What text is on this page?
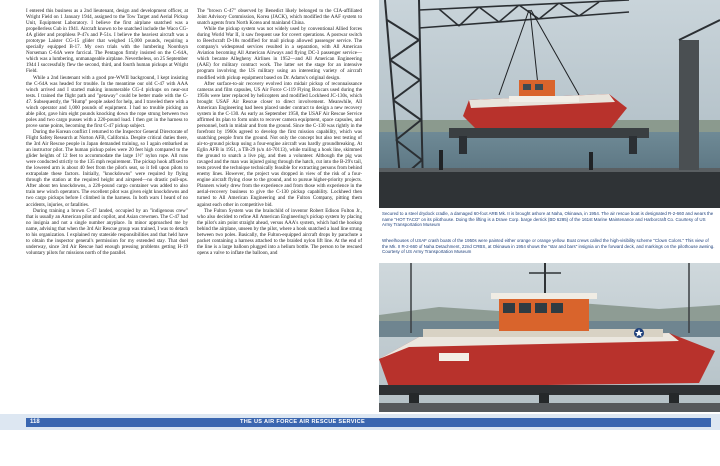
I entered this business as a 2nd lieutenant, design and development officer, at Wright Field on 1 January 1944, assigned to the Tow Target and Aerial Pickup Unit, Equipment Laboratory. I believe the first airplane snatched was a propellerless Cub in 1941. Aircraft known to be snatched include the Waco CG-4A glider and prophless P-47s and P-51s. I believe the heaviest aircraft was a prototype Laister CG-15 glider that weighed 15,000 pounds, requiring a specially equipped B-17. My own trials with the lumbering Noorduyn Norseman C-64A were farcical. The Pentagon firmly insisted on the C-64A, which was a lumbering, unmanageable airplane. Nevertheless, on 25 September 1944 I successfully flew the second, third, and fourth human pickups at Wright Field.

While a 2nd lieutenant with a good pre-WWII background, I kept insisting the C-64A was headed for trouble. In the meantime our old C-47 with AAA winch arrived and I started making innumerable CG-4 pickups on near-out tests. I trained the flight path and "getaway" could be better made with the C-47. Subsequently, the "Hump" people asked for help, and I traveled there with a winch operator and 1,000 pounds of equipment. I had no trouble picking an able pilot, gave him eight pounds knocking down the rope strung between two poles and two cargo pusses with a 220-pound load. I then got in the harness to prove some points, becoming the first C-47 pickup subject.

During the Korean conflict I returned to the Inspector General Directorate of Flight Safety Research at Norton AFB, California. Despite critical duties there, the 3rd Air Rescue people in Japan demanded training, so I again embarked as an instructor pilot. The human pickup poles were 20 feet high compared to the glider heights of 12 feet to accommodate the large 1½" nylon rope. All runs were conducted strictly to the 135 mph requirement. The pickup hook affixed to the lowered arm is about 40 feet from the pilot's seat, so it fell upon pilots to extrapolate these factors. Initially, "knockdowns" were required by flying through the station at the required height and airspeed—no drastic pull-ups. After about ten knockdowns, a 220-pound cargo container was added to also train new winch operators. The excellent pilot was given eight knockdowns and two cargo pickups before I climbed in the harness. In both wars I heard of no accidents, injuries, or fatalities.

During training a brown C-47 landed, occupied by an "indigenous crew" that is usually an American pilot and copilot, and Asian crewmen. The C-47 had no insignia and not a single number anyplace. In minor approached me by name, advising that when the 3rd Air Rescue group was trained, I was to detach to his organization. I explained my stateside responsibilities and that held have to obtain the inspector general's permission for my extended stay. That duel underway, since 3rd Air Rescue had enough pressing problems getting H-19 voluntary pilots for missions north of the parallel.

The "brown C-47" observed by Benedict likely belonged to the CIA-affiliated Joint Advisory Commission, Korea (JACK), which modified the AAF system to snatch agents from North Korea and mainland China.

While the pickup system was not widely used by conventional Allied forces during World War II, it saw frequent use for covert operations. A postwar switch to Beechcraft D-18s modified for mail pickup allowed passenger service. The company's widespread services resulted in a separation, with All American Aviation becoming All American Airways and flying DC-3 passenger service—which became Allegheny Airlines in 1952—and All American Engineering (AAE) for military contract work. The latter set the stage for an intensive program involving the US military using an interesting variety of aircraft modified with pickup equipment based on Dr. Adams's original design.

After surface-to-air recovery evolved into midair pickup of reconnaissance cameras and film capsules, US Air Force C-119 Flying Boxcars used during the 1950s were later replaced by helicopters and modified Lockheed JC-130s, which brought USAF Air Rescue closer to direct involvement. Meanwhile, All American Engineering had been placed under contract to design a new recovery system in the C-130. As early as September 1958, the USAF Air Rescue Service affirmed its plan to form units to recover camera equipment, space capsules, and personnel, both in midair and from the ground. Since the C-130 was rightly in the forefront by 1960s agreed to develop the first mission capability, which was snatching people from the ground. Not only the concept but also test testing of air-to-ground pickup using a four-engine aircraft was hardly groundbreaking. At Eglin AFB in 1951, a TB-29 (s/n 44-70113), while trailing a hook line, skimmed the ground to snatch a live pig, and then a volunteer. Although the pig was ravaged and the man was injured going through the hatch, cut into the B-29's tail, tests proved the technique technically feasible for extracting persons from behind enemy lines. However, the project was dropped in view of the risk of a four-engine aircraft flying close to the ground, and to pursue higher-priority projects. Planners wisely drew from the experience and from those with experience in the aerial-recovery business to give the C-130 pickup capability. Lockheed then turned to All American Engineering and the Fulton Company, pitting them against each other in competitive bid.

The Fulton System was the brainchild of inventor Robert Edison Fulton Jr., who also decided to refine All American Engineering's pickup system by placing the pilot's aim point straight ahead, versus AAA's system, which had the hookup behind the airplane, unseen by the pilot, where a hook snatched a load line strung between two poles. Basically, the Fulton-equipped aircraft drops by parachute a packet containing a harness attached to the braided nylon lift line. At the end of the line is a large balloon plugged into a helium bottle. The person to be rescued opens a valve to inflate the balloon, and

Secured to a steel drydock cradle, a damaged 60-foot ARB Mk. II is brought ashore at Naha, Okinawa, in 1954. The air rescue boat is designated R-2-660 and wears the name "HOT TACO" on its pilothouse. Doing the lifting is a Drave Corp. barge derrick (BD 6285) of the 161st Marine Maintenance and Harborcraft Co. Courtesy of US Army Transportation Museum
Wheelhouses of USAF crash boats of the 1950s were painted either orange or orange yellow. Boat crews called the high-visibility scheme "Clown Colors." This view of the Mk. II R-2-660 of Naha Detachment, 22nd CRBS, at Okinawa in 1954 shows the "star and bars" insignia on the forward deck, and markings on the pilothouse awning. Courtesy of US Army Transportation Museum
118	THE US AIR FORCE AIR RESCUE SERVICE
